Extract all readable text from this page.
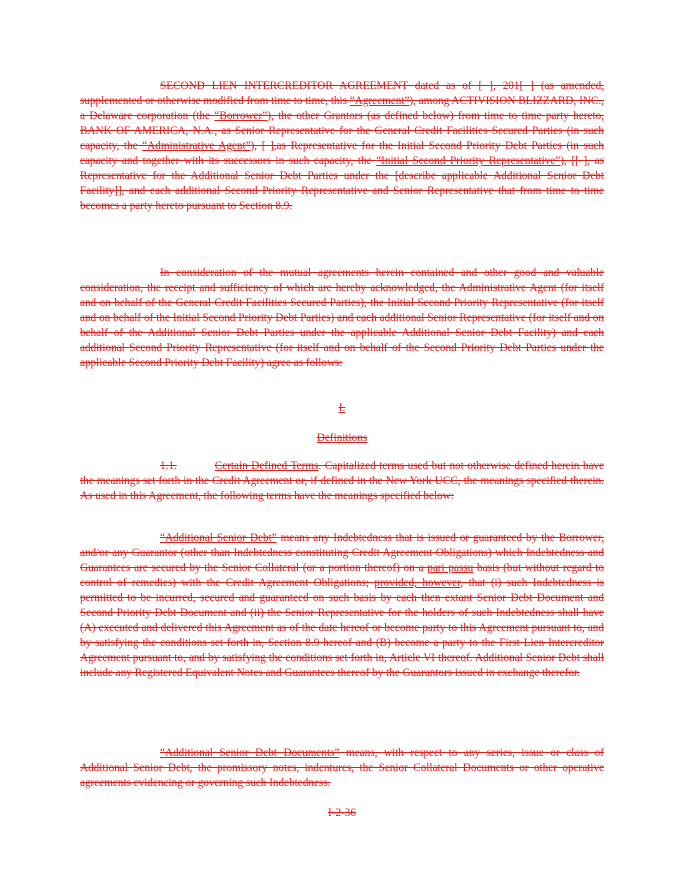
SECOND LIEN INTERCREDITOR AGREEMENT dated as of [ ], 201[ ] (as amended, supplemented or otherwise modified from time to time, this “Agreement”), among ACTIVISION BLIZZARD, INC., a Delaware corporation (the “Borrower”), the other Grantors (as defined below) from time to time party hereto, BANK OF AMERICA, N.A., as Senior Representative for the General Credit Facilities Secured Parties (in such capacity, the “Administrative Agent”), [ ],as Representative for the Initial Second Priority Debt Parties (in such capacity and together with its successors in such capacity, the “Initial Second Priority Representative”), [[ ], as Representative for the Additional Senior Debt Parties under the [describe applicable Additional Senior Debt Facility]], and each additional Second Priority Representative and Senior Representative that from time to time becomes a party hereto pursuant to Section 8.9.
In consideration of the mutual agreements herein contained and other good and valuable consideration, the receipt and sufficiency of which are hereby acknowledged, the Administrative Agent (for itself and on behalf of the General Credit Facilities Secured Parties), the Initial Second Priority Representative (for itself and on behalf of the Initial Second Priority Debt Parties) and each additional Senior Representative (for itself and on behalf of the Additional Senior Debt Parties under the applicable Additional Senior Debt Facility) and each additional Second Priority Representative (for itself and on behalf of the Second Priority Debt Parties under the applicable Second Priority Debt Facility) agree as follows:
I.
Definitions
1.1.	Certain Defined Terms. Capitalized terms used but not otherwise defined herein have the meanings set forth in the Credit Agreement or, if defined in the New York UCC, the meanings specified therein. As used in this Agreement, the following terms have the meanings specified below:
“Additional Senior Debt” means any Indebtedness that is issued or guaranteed by the Borrower, and/or any Guarantor (other than Indebtedness constituting Credit Agreement Obligations) which Indebtedness and Guarantees are secured by the Senior Collateral (or a portion thereof) on a pari passu basis (but without regard to control of remedies) with the Credit Agreement Obligations; provided, however, that (i) such Indebtedness is permitted to be incurred, secured and guaranteed on such basis by each then extant Senior Debt Document and Second Priority Debt Document and (ii) the Senior Representative for the holders of such Indebtedness shall have (A) executed and delivered this Agreement as of the date hereof or become party to this Agreement pursuant to, and by satisfying the conditions set forth in, Section 8.9 hereof and (B) become a party to the First Lien Intercreditor Agreement pursuant to, and by satisfying the conditions set forth in, Article VI thereof. Additional Senior Debt shall include any Registered Equivalent Notes and Guarantees thereof by the Guarantors issued in exchange therefor.
“Additional Senior Debt Documents” means, with respect to any series, issue or class of Additional Senior Debt, the promissory notes, indentures, the Senior Collateral Documents or other operative agreements evidencing or governing such Indebtedness.
I-2-36
